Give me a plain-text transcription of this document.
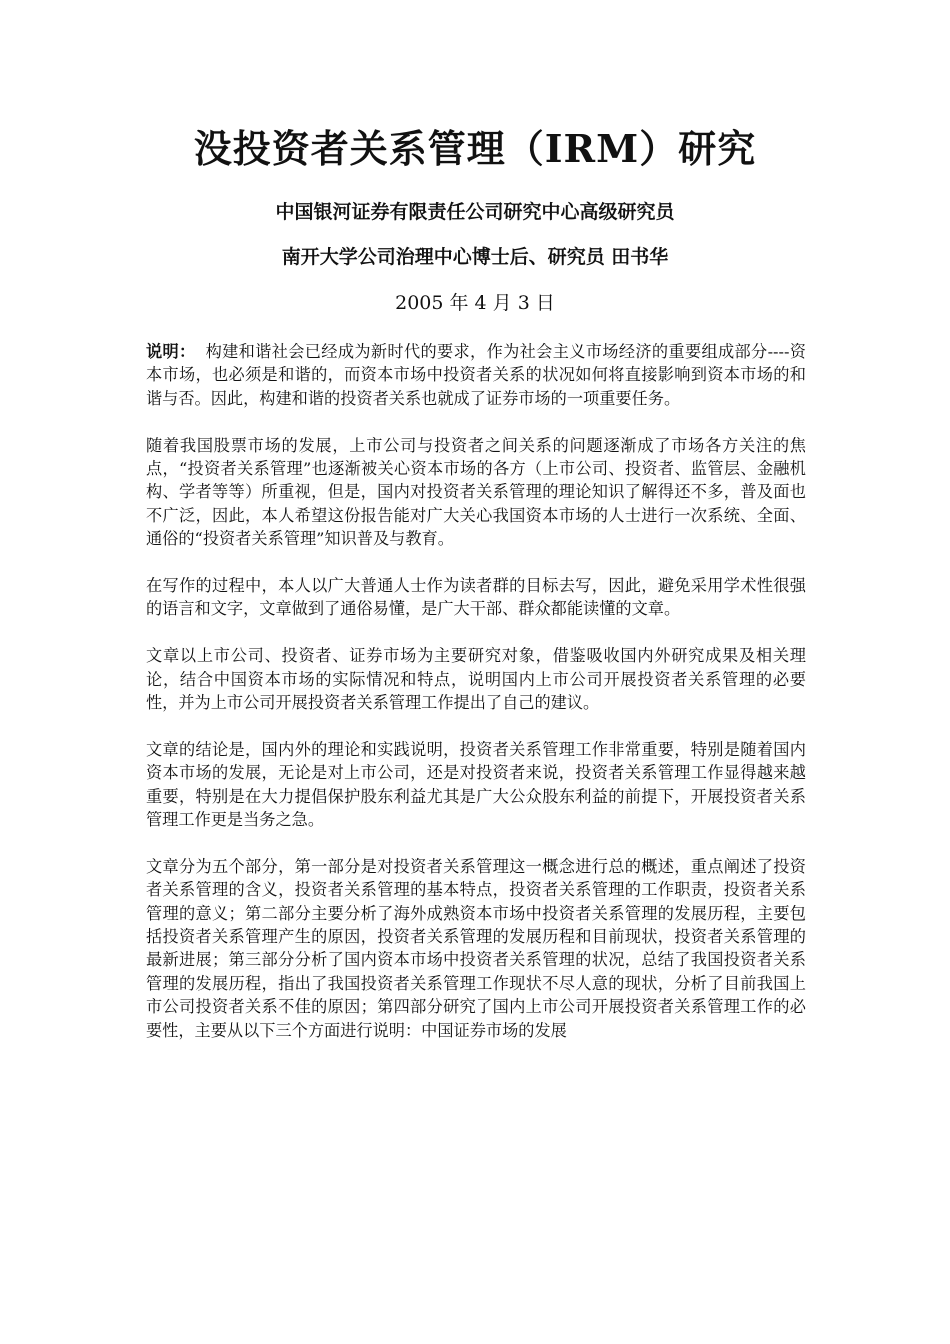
没投资者关系管理（IRM）研究
中国银河证券有限责任公司研究中心高级研究员
南开大学公司治理中心博士后、研究员 田书华
2005 年 4 月 3 日

说明： 构建和谐社会已经成为新时代的要求，作为社会主义市场经济的重要组成部分----资本市场，也必须是和谐的，而资本市场中投资者关系的状况如何将直接影响到资本市场的和谐与否。因此，构建和谐的投资者关系也就成了证券市场的一项重要任务。

随着我国股票市场的发展，上市公司与投资者之间关系的问题逐渐成了市场各方关注的焦点，“投资者关系管理”也逐渐被关心资本市场的各方（上市公司、投资者、监管层、金融机构、学者等等）所重视，但是，国内对投资者关系管理的理论知识了解得还不多，普及面也不广泛，因此，本人希望这份报告能对广大关心我国资本市场的人士进行一次系统、全面、通俗的“投资者关系管理”知识普及与教育。

在写作的过程中，本人以广大普通人士作为读者群的目标去写，因此，避免采用学术性很强的语言和文字，文章做到了通俗易懂，是广大干部、群众都能读懂的文章。

文章以上市公司、投资者、证券市场为主要研究对象，借鉴吸收国内外研究成果及相关理论，结合中国资本市场的实际情况和特点，说明国内上市公司开展投资者关系管理的必要性，并为上市公司开展投资者关系管理工作提出了自己的建议。

文章的结论是，国内外的理论和实践说明，投资者关系管理工作非常重要，特别是随着国内资本市场的发展，无论是对上市公司，还是对投资者来说，投资者关系管理工作显得越来越重要，特别是在大力提倡保护股东利益尤其是广大公众股东利益的前提下，开展投资者关系管理工作更是当务之急。

文章分为五个部分，第一部分是对投资者关系管理这一概念进行总的概述，重点阐述了投资者关系管理的含义，投资者关系管理的基本特点，投资者关系管理的工作职责，投资者关系管理的意义；第二部分主要分析了海外成熟资本市场中投资者关系管理的发展历程，主要包括投资者关系管理产生的原因，投资者关系管理的发展历程和目前现状，投资者关系管理的最新进展；第三部分分析了国内资本市场中投资者关系管理的状况，总结了我国投资者关系管理的发展历程，指出了我国投资者关系管理工作现状不尽人意的现状，分析了目前我国上市公司投资者关系不佳的原因；第四部分研究了国内上市公司开展投资者关系管理工作的必要性，主要从以下三个方面进行说明：中国证券市场的发展
